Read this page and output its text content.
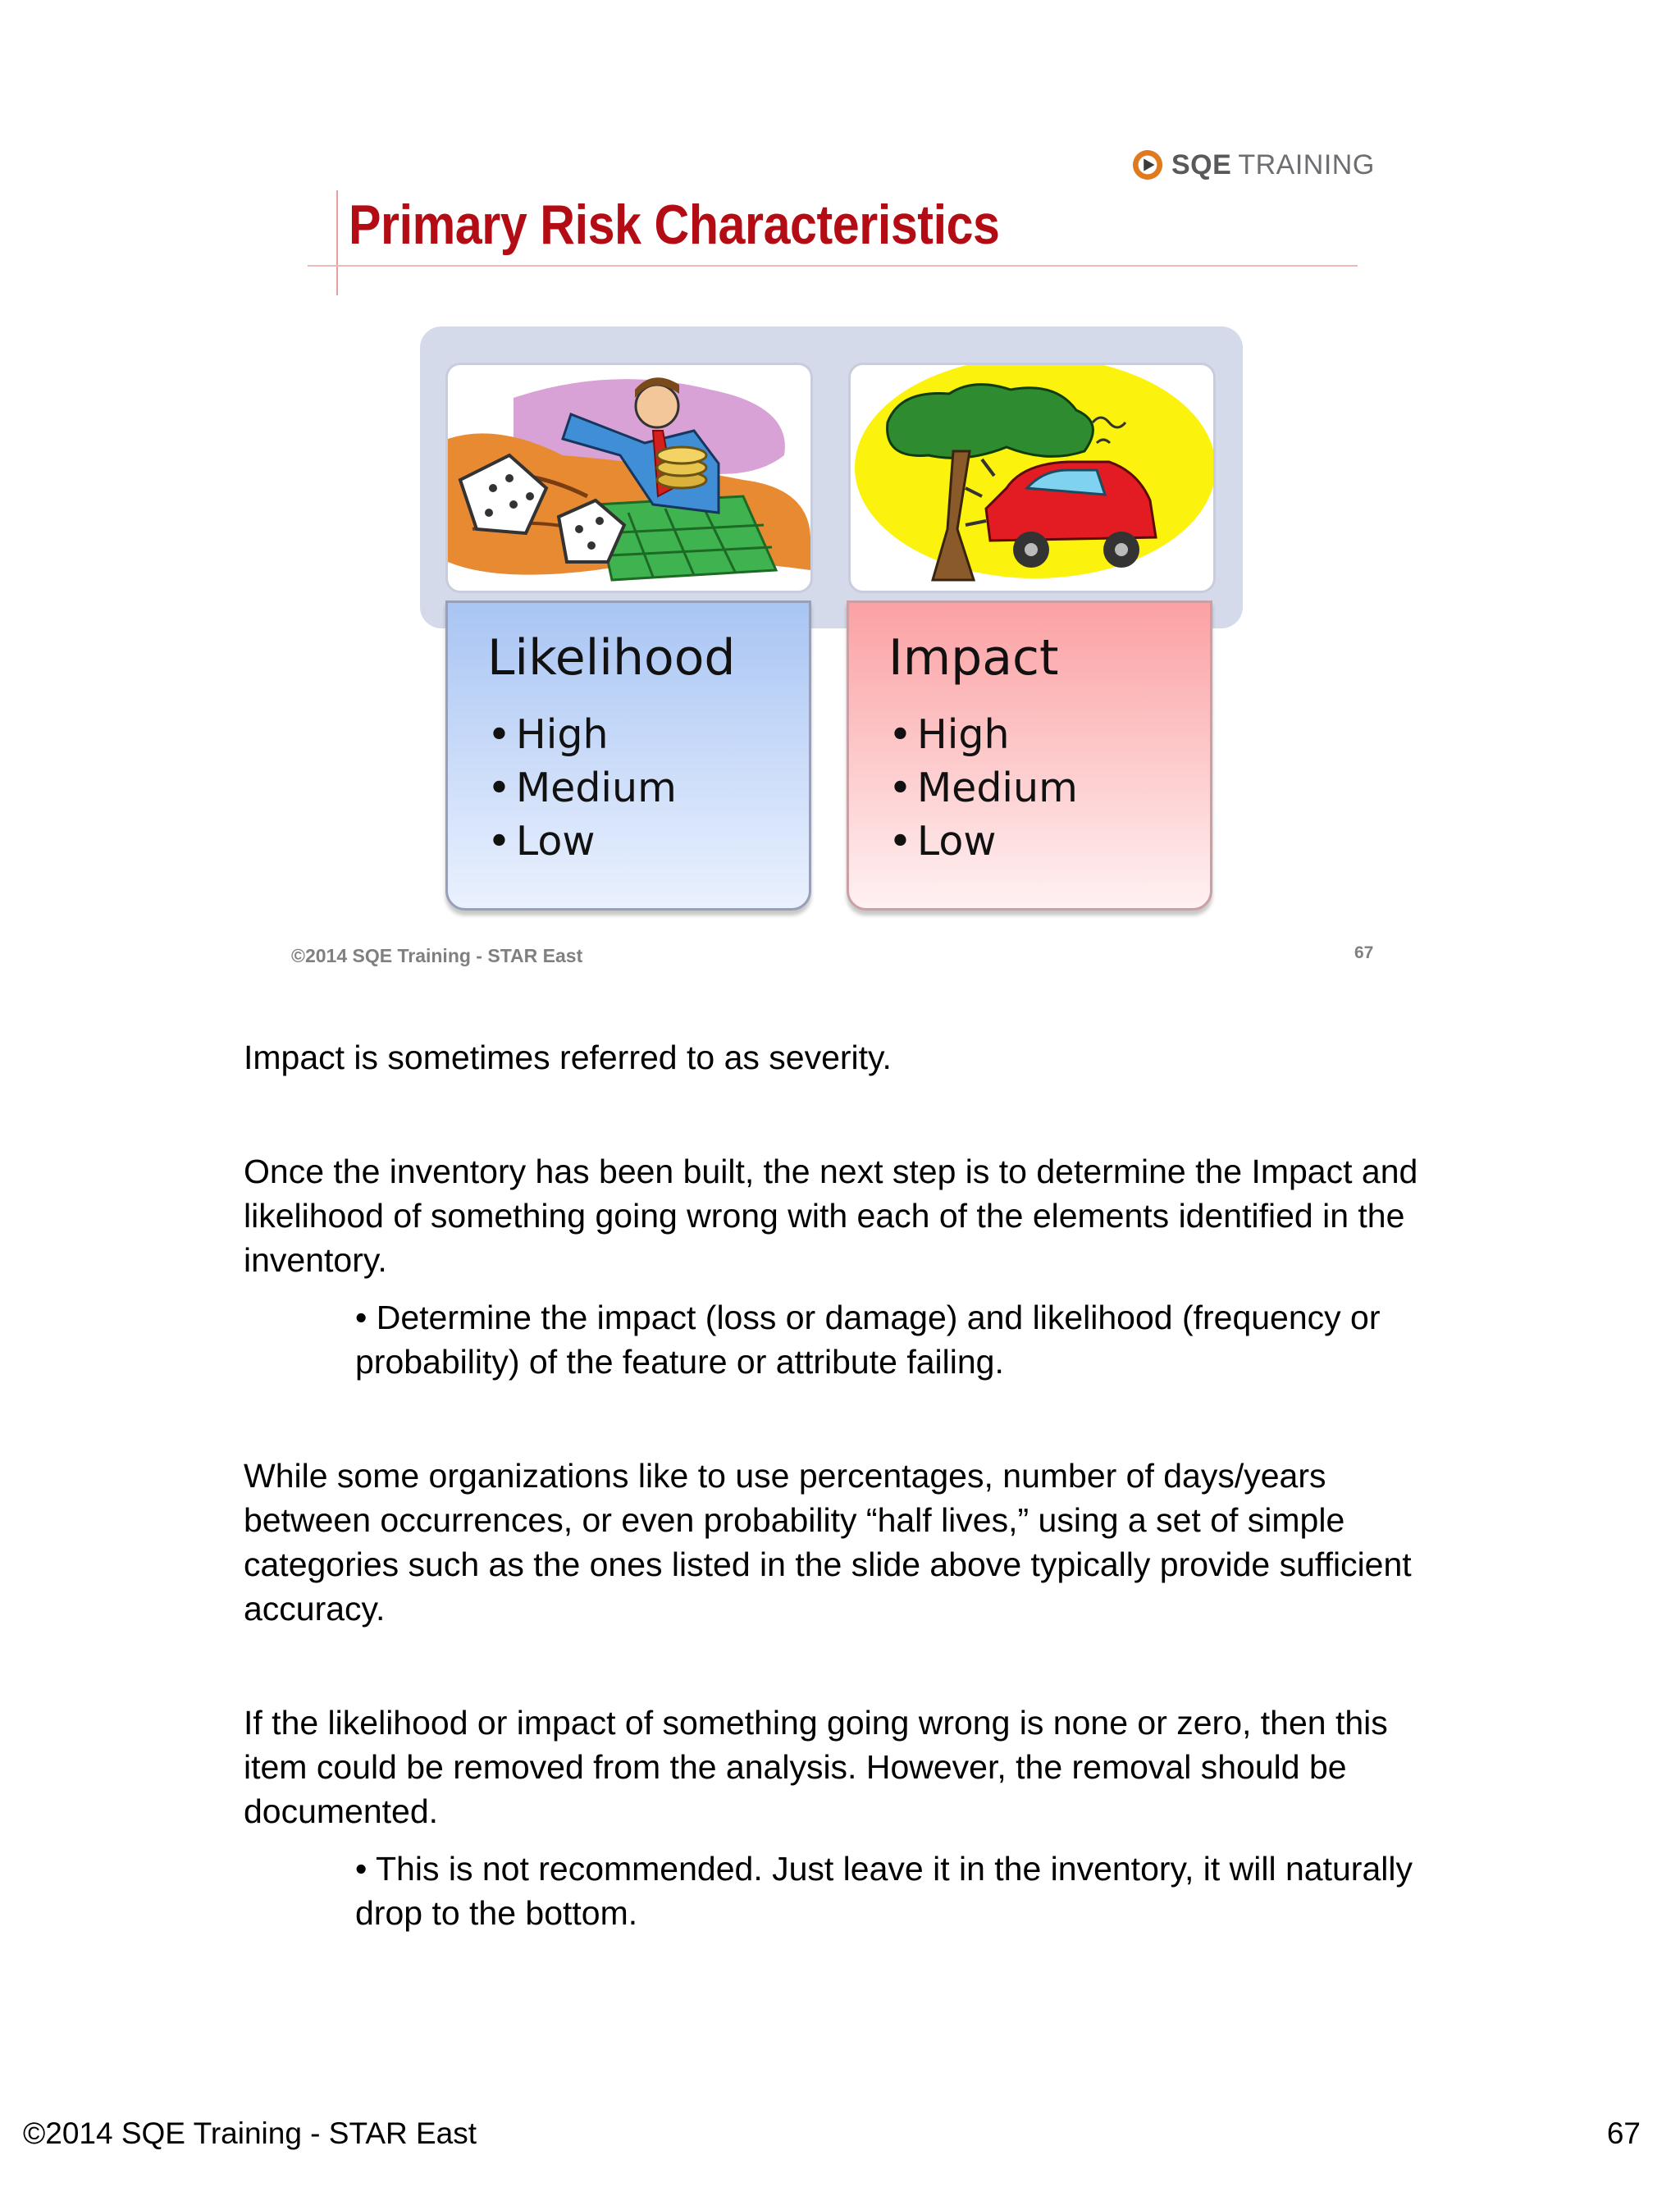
SQE TRAINING
Primary Risk Characteristics
Likelihood
• High
• Medium
• Low
Impact
• High
• Medium
• Low
©2014 SQE Training - STAR East	67

Impact is sometimes referred to as severity.

Once the inventory has been built, the next step is to determine the Impact and likelihood of something going wrong with each of the elements identified in the inventory.

• Determine the impact (loss or damage) and likelihood (frequency or probability) of the feature or attribute failing.

While some organizations like to use percentages, number of days/years between occurrences, or even probability “half lives,” using a set of simple categories such as the ones listed in the slide above typically provide sufficient accuracy.

If the likelihood or impact of something going wrong is none or zero, then this item could be removed from the analysis. However, the removal should be documented.

• This is not recommended. Just leave it in the inventory, it will naturally drop to the bottom.

©2014 SQE Training - STAR East	67
